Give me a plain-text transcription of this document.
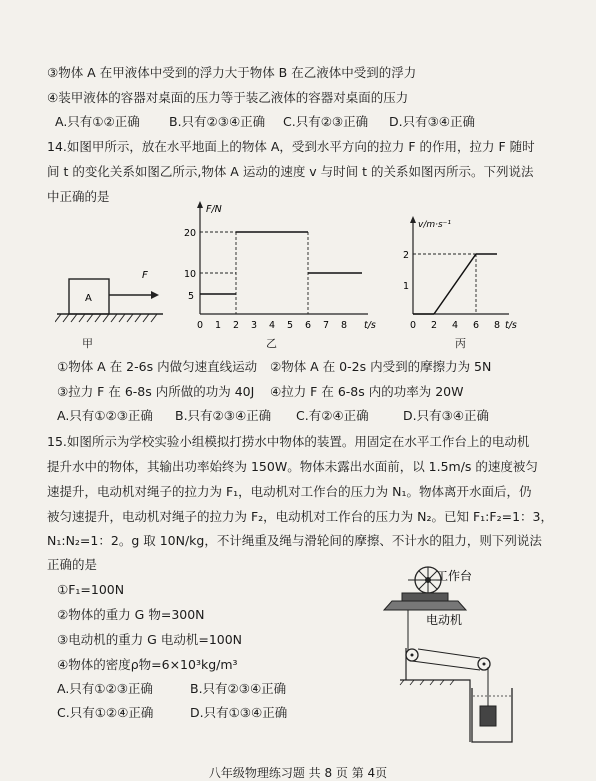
③物体 A 在甲液体中受到的浮力大于物体 B 在乙液体中受到的浮力
④装甲液体的容器对桌面的压力等于装乙液体的容器对桌面的压力
A.只有①②正确 B.只有②③④正确 C.只有②③正确 D.只有③④正确
14.如图甲所示，放在水平地面上的物体 A，受到水平方向的拉力 F 的作用，拉力 F 随时
间 t 的变化关系如图乙所示,物体 A 运动的速度 v 与时间 t 的关系如图丙所示。下列说法
中正确的是
A
F
甲
F/N
t/s
5
10
20
0 1 2 3 4 5 6 7 8
乙
v/m·s⁻¹
t/s
2
1
0 2 4 6 8
丙
①物体 A 在 2-6s 内做匀速直线运动 ②物体 A 在 0-2s 内受到的摩擦力为 5N
③拉力 F 在 6-8s 内所做的功为 40J ④拉力 F 在 6-8s 内的功率为 20W
A.只有①②③正确 B.只有②③④正确 C.有②④正确	D.只有③④正确
15.如图所示为学校实验小组模拟打捞水中物体的装置。用固定在水平工作台上的电动机
提升水中的物体，其输出功率始终为 150W。物体未露出水面前，以 1.5m/s 的速度被匀
速提升，电动机对绳子的拉力为 F₁，电动机对工作台的压力为 N₁。物体离开水面后，仍
被匀速提升，电动机对绳子的拉力为 F₂，电动机对工作台的压力为 N₂。已知 F₁:F₂=1：3，
N₁:N₂=1：2。g 取 10N/kg，不计绳重及绳与滑轮间的摩擦、不计水的阻力，则下列说法
正确的是
①F₁=100N
②物体的重力 G 物=300N
③电动机的重力 G 电动机=100N
④物体的密度ρ物=6×10³kg/m³
A.只有①②③正确	B.只有②③④正确
C.只有①②④正确	D.只有①③④正确
工作台
电动机
八年级物理练习题 共 8 页 第 4页
